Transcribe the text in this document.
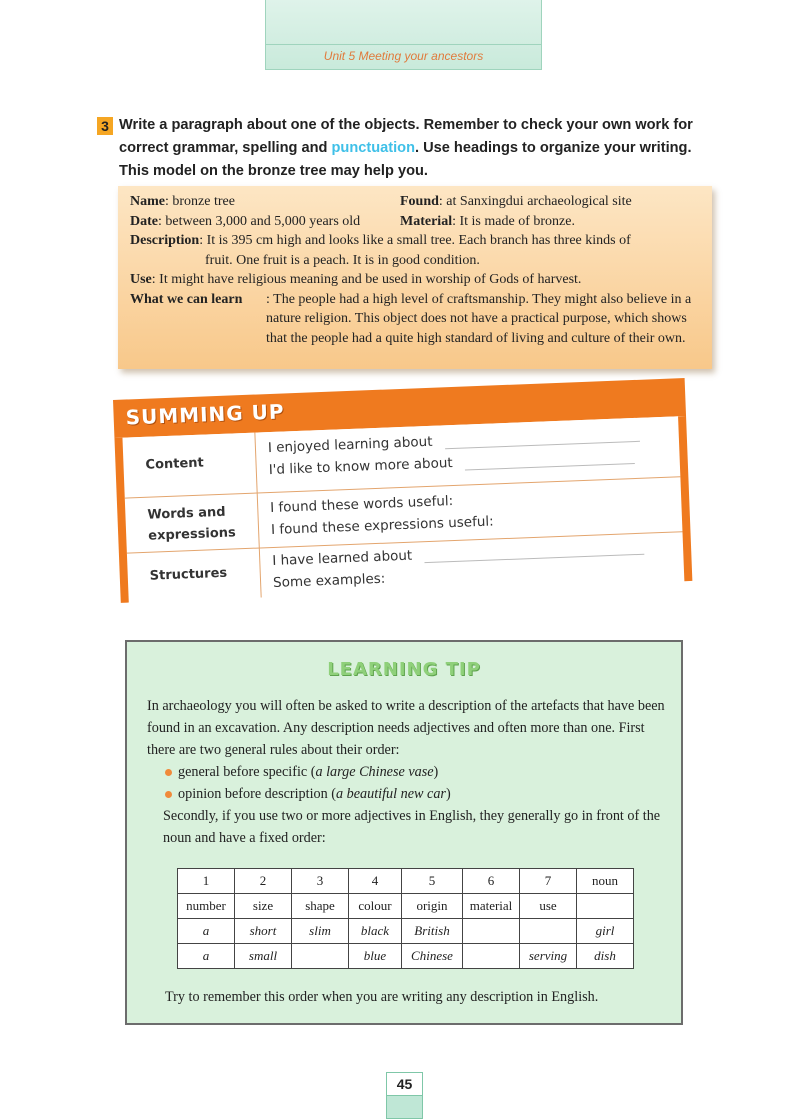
Unit 5 Meeting your ancestors
3 Write a paragraph about one of the objects. Remember to check your own work for correct grammar, spelling and punctuation. Use headings to organize your writing. This model on the bronze tree may help you.
Name: bronze tree	Found: at Sanxingdui archaeological site
Date: between 3,000 and 5,000 years old	Material: It is made of bronze.
Description: It is 395 cm high and looks like a small tree. Each branch has three kinds of
fruit. One fruit is a peach. It is in good condition.
Use: It might have religious meaning and be used in worship of Gods of harvest.
What we can learn	: The people had a high level of craftsmanship. They might also believe in a nature religion. This object does not have a practical purpose, which shows that the people had a quite high standard of living and culture of their own.
SUMMING UP
Content
I enjoyed learning about
I'd like to know more about
Words and expressions
I found these words useful:
I found these expressions useful:
Structures
I have learned about
Some examples:
LEARNING TIP
In archaeology you will often be asked to write a description of the artefacts that have been found in an excavation. Any description needs adjectives and often more than one. First there are two general rules about their order:
general before specific (a large Chinese vase)
opinion before description (a beautiful new car)
Secondly, if you use two or more adjectives in English, they generally go in front of the noun and have a fixed order:
1	2	3	4	5	6	7	noun
number	size	shape	colour	origin	material	use	
a	short	slim	black	British			girl
a	small		blue	Chinese		serving	dish
Try to remember this order when you are writing any description in English.
45
